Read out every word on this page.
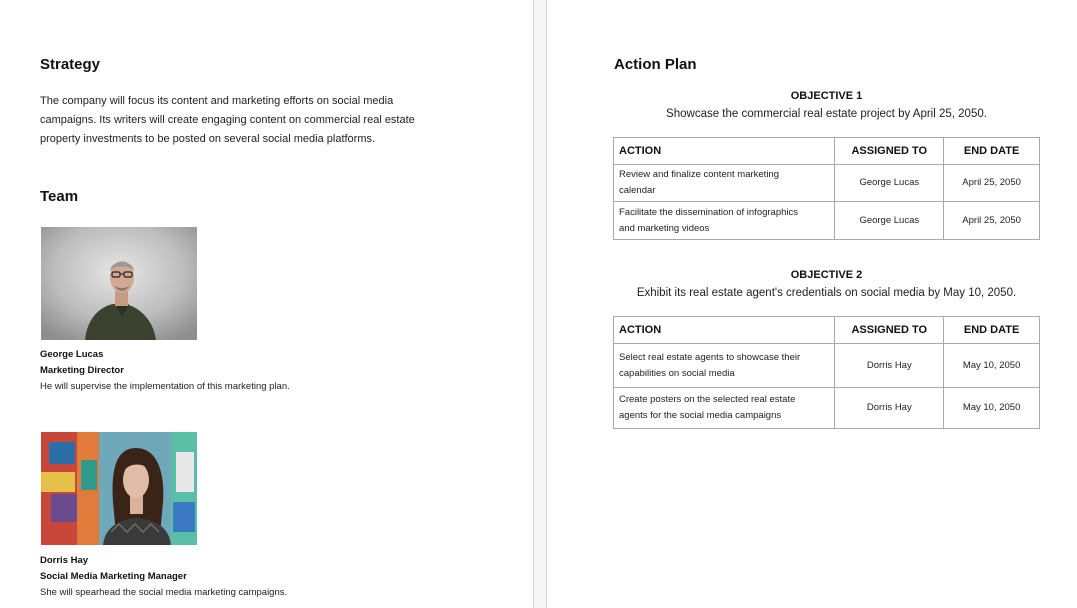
Strategy
The company will focus its content and marketing efforts on social media
campaigns. Its writers will create engaging content on commercial real estate
property investments to be posted on several social media platforms.
Team
George Lucas
Marketing Director
He will supervise the implementation of this marketing plan.
Dorris Hay
Social Media Marketing Manager
She will spearhead the social media marketing campaigns.
Action Plan
OBJECTIVE 1
Showcase the commercial real estate project by April 25, 2050.
ACTION	ASSIGNED TO	END DATE

Review and finalize content marketing
calendar	George Lucas	April 25, 2050

Facilitate the dissemination of infographics
and marketing videos	George Lucas	April 25, 2050
OBJECTIVE 2
Exhibit its real estate agent's credentials on social media by May 10, 2050.
ACTION	ASSIGNED TO	END DATE

Select real estate agents to showcase their
capabilities on social media	Dorris Hay	May 10, 2050

Create posters on the selected real estate
agents for the social media campaigns	Dorris Hay	May 10, 2050
